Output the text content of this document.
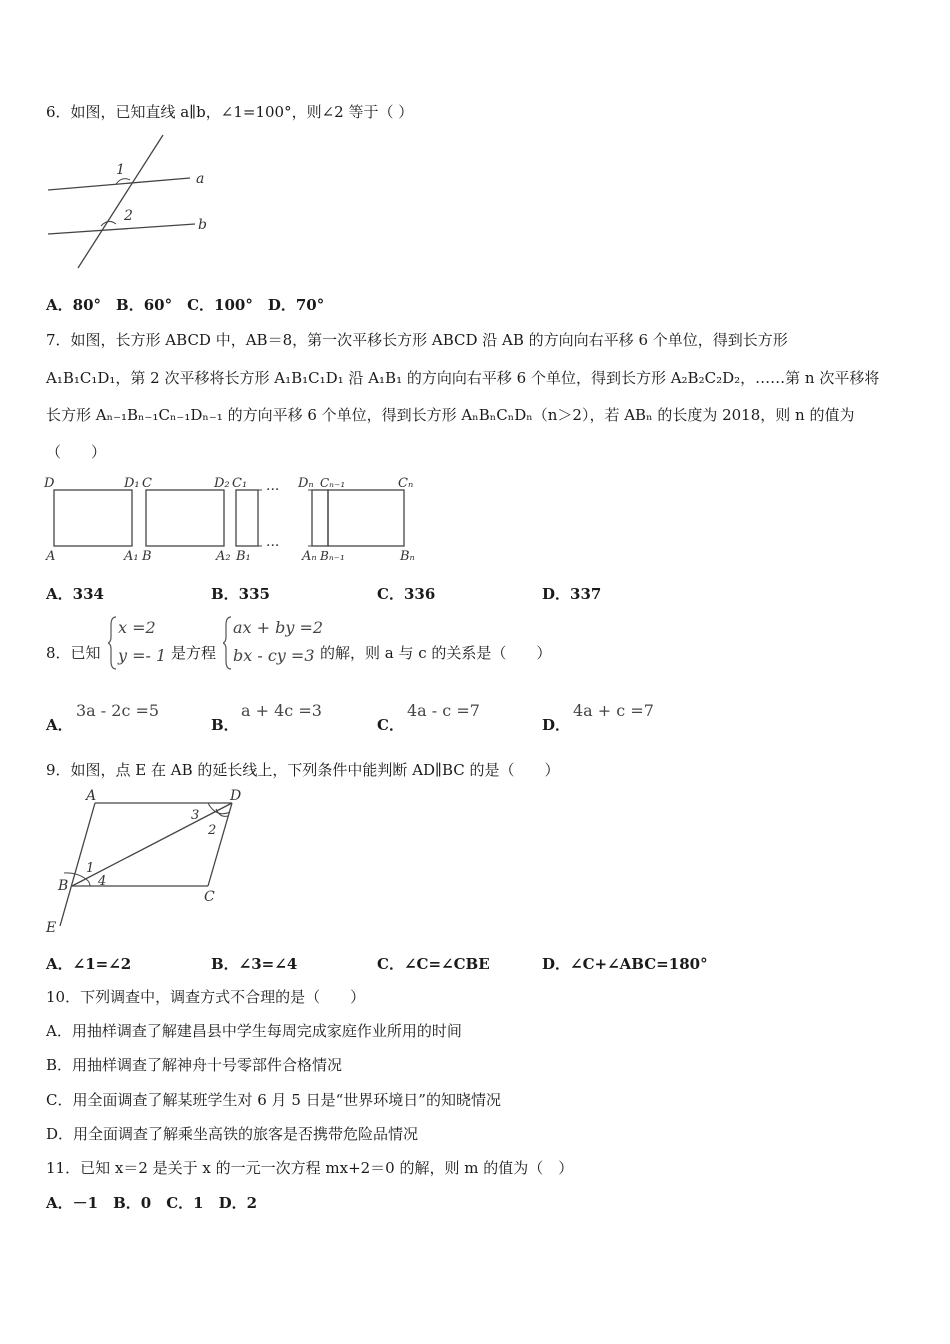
6．如图，已知直线 a∥b，∠1=100°，则∠2 等于（ ）
1
2
a
b
A．80°　B．60°　C．100°　D．70°
7．如图，长方形 ABCD 中，AB＝8，第一次平移长方形 ABCD 沿 AB 的方向向右平移 6 个单位，得到长方形
A₁B₁C₁D₁，第 2 次平移将长方形 A₁B₁C₁D₁ 沿 A₁B₁ 的方向向右平移 6 个单位，得到长方形 A₂B₂C₂D₂，……第 n 次平移将
长方形 Aₙ₋₁Bₙ₋₁Cₙ₋₁Dₙ₋₁ 的方向平移 6 个单位，得到长方形 AₙBₙCₙDₙ（n＞2），若 ABₙ 的长度为 2018，则 n 的值为
（　　）
D	D₁ C	D₂ C₁ ··· Dₙ Cₙ₋₁	Cₙ
A	A₁ B	A₂ B₁
···
Aₙ Bₙ₋₁	Bₙ
A．334	B．335	C．336	D．337
8．已知
x =2
y =- 1 是方程
ax + by =2
bx - cy =3 的解，则 a 与 c 的关系是（　　）
A．
3a - 2c =5
B．
a + 4c =3
C．
4a - c =7
D．
4a + c =7
9．如图，点 E 在 AB 的延长线上，下列条件中能判断 AD∥BC 的是（　　）
A	D
B
C
E
1
2
3
4
A．∠1=∠2	B．∠3=∠4	C．∠C=∠CBE	D．∠C+∠ABC=180°
10．下列调查中，调查方式不合理的是（　　）
A．用抽样调查了解建昌县中学生每周完成家庭作业所用的时间
B．用抽样调查了解神舟十号零部件合格情况
C．用全面调查了解某班学生对 6 月 5 日是“世界环境日”的知晓情况
D．用全面调查了解乘坐高铁的旅客是否携带危险品情况
11．已知 x＝2 是关于 x 的一元一次方程 mx+2＝0 的解，则 m 的值为（　）
A．－1　B．0　C．1　D．2
